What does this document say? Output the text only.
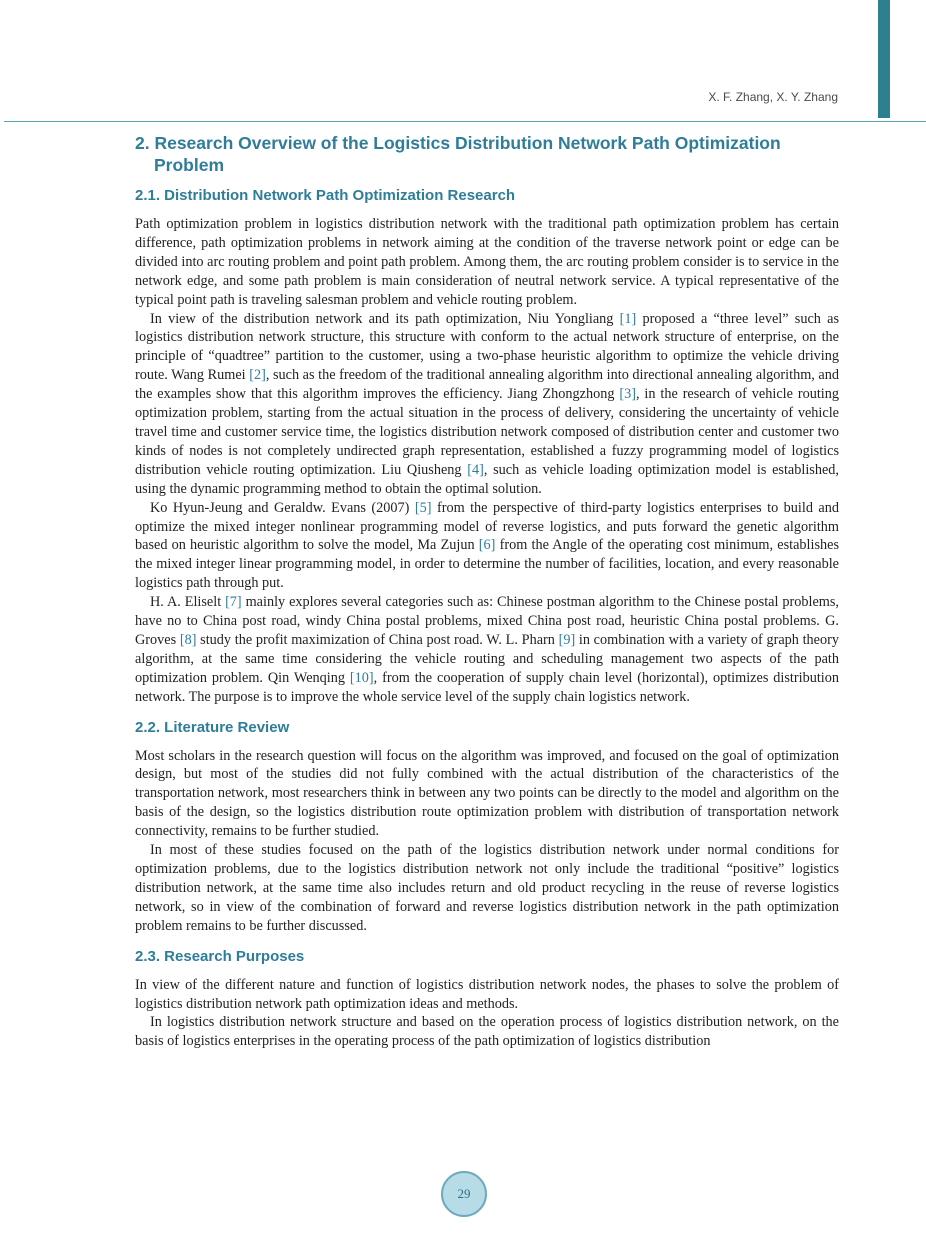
X. F. Zhang, X. Y. Zhang
2. Research Overview of the Logistics Distribution Network Path Optimization Problem
2.1. Distribution Network Path Optimization Research

Path optimization problem in logistics distribution network with the traditional path optimization problem has certain difference, path optimization problems in network aiming at the condition of the traverse network point or edge can be divided into arc routing problem and point path problem. Among them, the arc routing problem consider is to service in the network edge, and some path problem is main consideration of neutral network service. A typical representative of the typical point path is traveling salesman problem and vehicle routing problem.

In view of the distribution network and its path optimization, Niu Yongliang [1] proposed a “three level” such as logistics distribution network structure, this structure with conform to the actual network structure of enterprise, on the principle of “quadtree” partition to the customer, using a two-phase heuristic algorithm to optimize the vehicle driving route. Wang Rumei [2], such as the freedom of the traditional annealing algorithm into directional annealing algorithm, and the examples show that this algorithm improves the efficiency. Jiang Zhongzhong [3], in the research of vehicle routing optimization problem, starting from the actual situation in the process of delivery, considering the uncertainty of vehicle travel time and customer service time, the logistics distribution network composed of distribution center and customer two kinds of nodes is not completely undirected graph representation, established a fuzzy programming model of logistics distribution vehicle routing optimization. Liu Qiusheng [4], such as vehicle loading optimization model is established, using the dynamic programming method to obtain the optimal solution.

Ko Hyun-Jeung and Geraldw. Evans (2007) [5] from the perspective of third-party logistics enterprises to build and optimize the mixed integer nonlinear programming model of reverse logistics, and puts forward the genetic algorithm based on heuristic algorithm to solve the model, Ma Zujun [6] from the Angle of the operating cost minimum, establishes the mixed integer linear programming model, in order to determine the number of facilities, location, and every reasonable logistics path through put.

H. A. Eliselt [7] mainly explores several categories such as: Chinese postman algorithm to the Chinese postal problems, have no to China post road, windy China postal problems, mixed China post road, heuristic China postal problems. G. Groves [8] study the profit maximization of China post road. W. L. Pharn [9] in combination with a variety of graph theory algorithm, at the same time considering the vehicle routing and scheduling management two aspects of the path optimization problem. Qin Wenqing [10], from the cooperation of supply chain level (horizontal), optimizes distribution network. The purpose is to improve the whole service level of the supply chain logistics network.

2.2. Literature Review

Most scholars in the research question will focus on the algorithm was improved, and focused on the goal of optimization design, but most of the studies did not fully combined with the actual distribution of the characteristics of the transportation network, most researchers think in between any two points can be directly to the model and algorithm on the basis of the design, so the logistics distribution route optimization problem with distribution of transportation network connectivity, remains to be further studied.

In most of these studies focused on the path of the logistics distribution network under normal conditions for optimization problems, due to the logistics distribution network not only include the traditional “positive” logistics distribution network, at the same time also includes return and old product recycling in the reuse of reverse logistics network, so in view of the combination of forward and reverse logistics distribution network in the path optimization problem remains to be further discussed.

2.3. Research Purposes

In view of the different nature and function of logistics distribution network nodes, the phases to solve the problem of logistics distribution network path optimization ideas and methods.

In logistics distribution network structure and based on the operation process of logistics distribution network, on the basis of logistics enterprises in the operating process of the path optimization of logistics distribution

29
